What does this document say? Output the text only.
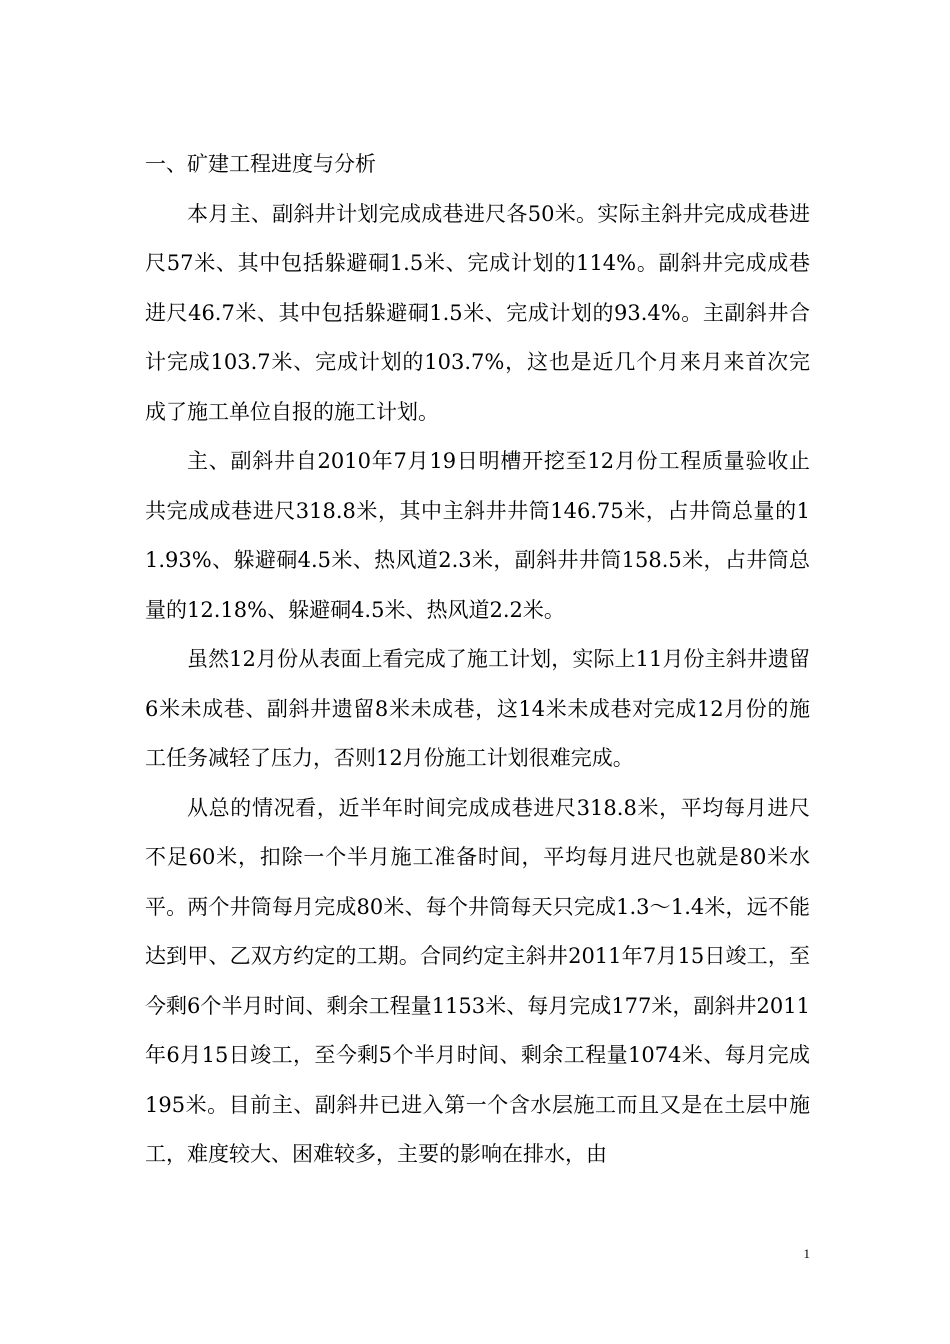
一、矿建工程进度与分析

本月主、副斜井计划完成成巷进尺各50米。实际主斜井完成成巷进尺57米、其中包括躲避硐1.5米、完成计划的114%。副斜井完成成巷进尺46.7米、其中包括躲避硐1.5米、完成计划的93.4%。主副斜井合计完成103.7米、完成计划的103.7%，这也是近几个月来月来首次完成了施工单位自报的施工计划。

主、副斜井自2010年7月19日明槽开挖至12月份工程质量验收止共完成成巷进尺318.8米，其中主斜井井筒146.75米，占井筒总量的11.93%、躲避硐4.5米、热风道2.3米，副斜井井筒158.5米，占井筒总量的12.18%、躲避硐4.5米、热风道2.2米。

虽然12月份从表面上看完成了施工计划，实际上11月份主斜井遗留6米未成巷、副斜井遗留8米未成巷，这14米未成巷对完成12月份的施工任务减轻了压力，否则12月份施工计划很难完成。

从总的情况看，近半年时间完成成巷进尺318.8米，平均每月进尺不足60米，扣除一个半月施工准备时间，平均每月进尺也就是80米水平。两个井筒每月完成80米、每个井筒每天只完成1.3～1.4米，远不能达到甲、乙双方约定的工期。合同约定主斜井2011年7月15日竣工，至今剩6个半月时间、剩余工程量1153米、每月完成177米，副斜井2011年6月15日竣工，至今剩5个半月时间、剩余工程量1074米、每月完成195米。目前主、副斜井已进入第一个含水层施工而且又是在土层中施工，难度较大、困难较多，主要的影响在排水，由

1
